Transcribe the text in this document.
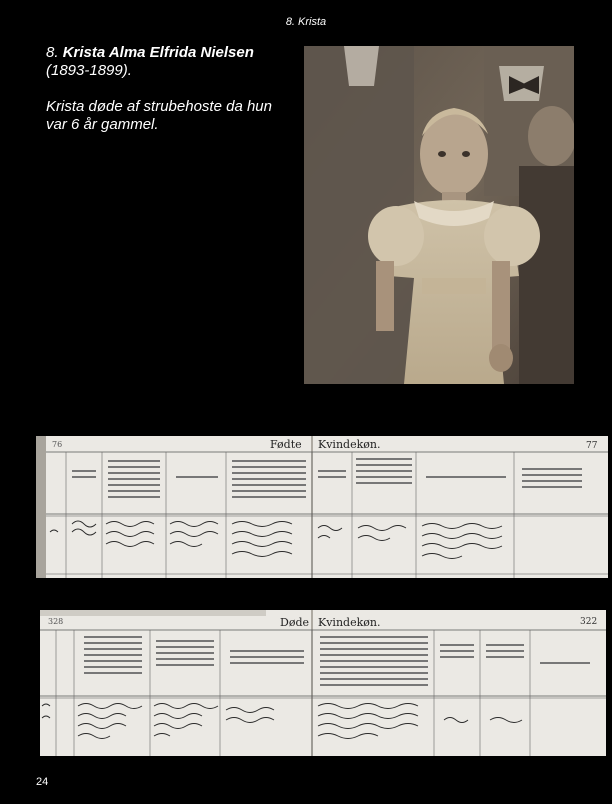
8. Krista

8. Krista Alma Elfrida Nielsen

(1893-1899).

Krista døde af strubehoste da hun var 6 år gammel.

76	Fødte Kvindekøn.	77
328	Døde Kvindekøn.	322
24
